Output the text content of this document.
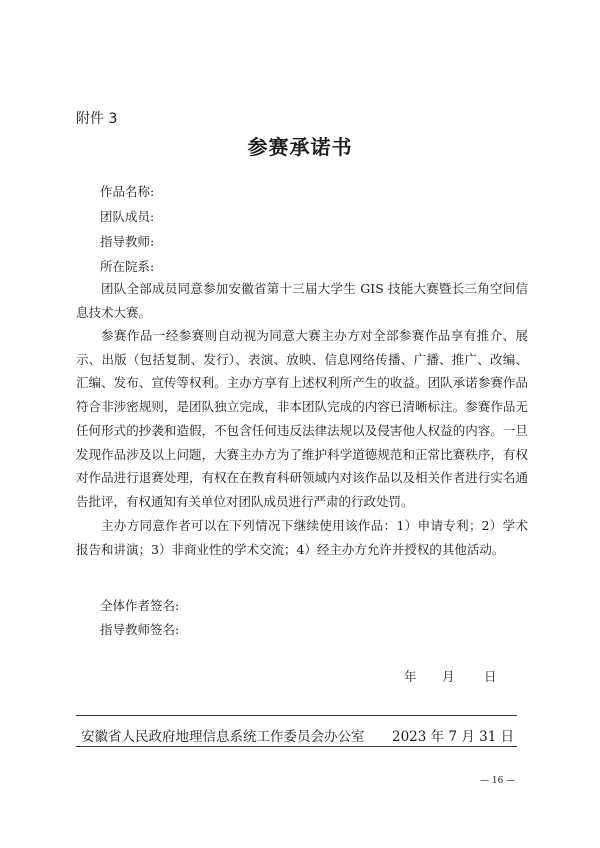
附件 3
参赛承诺书
作品名称:
团队成员:
指导教师:
所在院系:

团队全部成员同意参加安徽省第十三届大学生 GIS 技能大赛暨长三角空间信息技术大赛。

参赛作品一经参赛则自动视为同意大赛主办方对全部参赛作品享有推介、展示、出版（包括复制、发行）、表演、放映、信息网络传播、广播、推广、改编、汇编、发布、宣传等权利。主办方享有上述权利所产生的收益。团队承诺参赛作品符合非涉密规则，是团队独立完成，非本团队完成的内容已清晰标注。参赛作品无任何形式的抄袭和造假，不包含任何违反法律法规以及侵害他人权益的内容。一旦发现作品涉及以上问题，大赛主办方为了维护科学道德规范和正常比赛秩序，有权对作品进行退赛处理，有权在在教育科研领域内对该作品以及相关作者进行实名通告批评，有权通知有关单位对团队成员进行严肃的行政处罚。

主办方同意作者可以在下列情况下继续使用该作品：1）申请专利；2）学术报告和讲演；3）非商业性的学术交流；4）经主办方允许并授权的其他活动。

全体作者签名:
指导教师签名:
年 月 日
安徽省人民政府地理信息系统工作委员会办公室 2023 年 7 月 31 日
— 16 —
